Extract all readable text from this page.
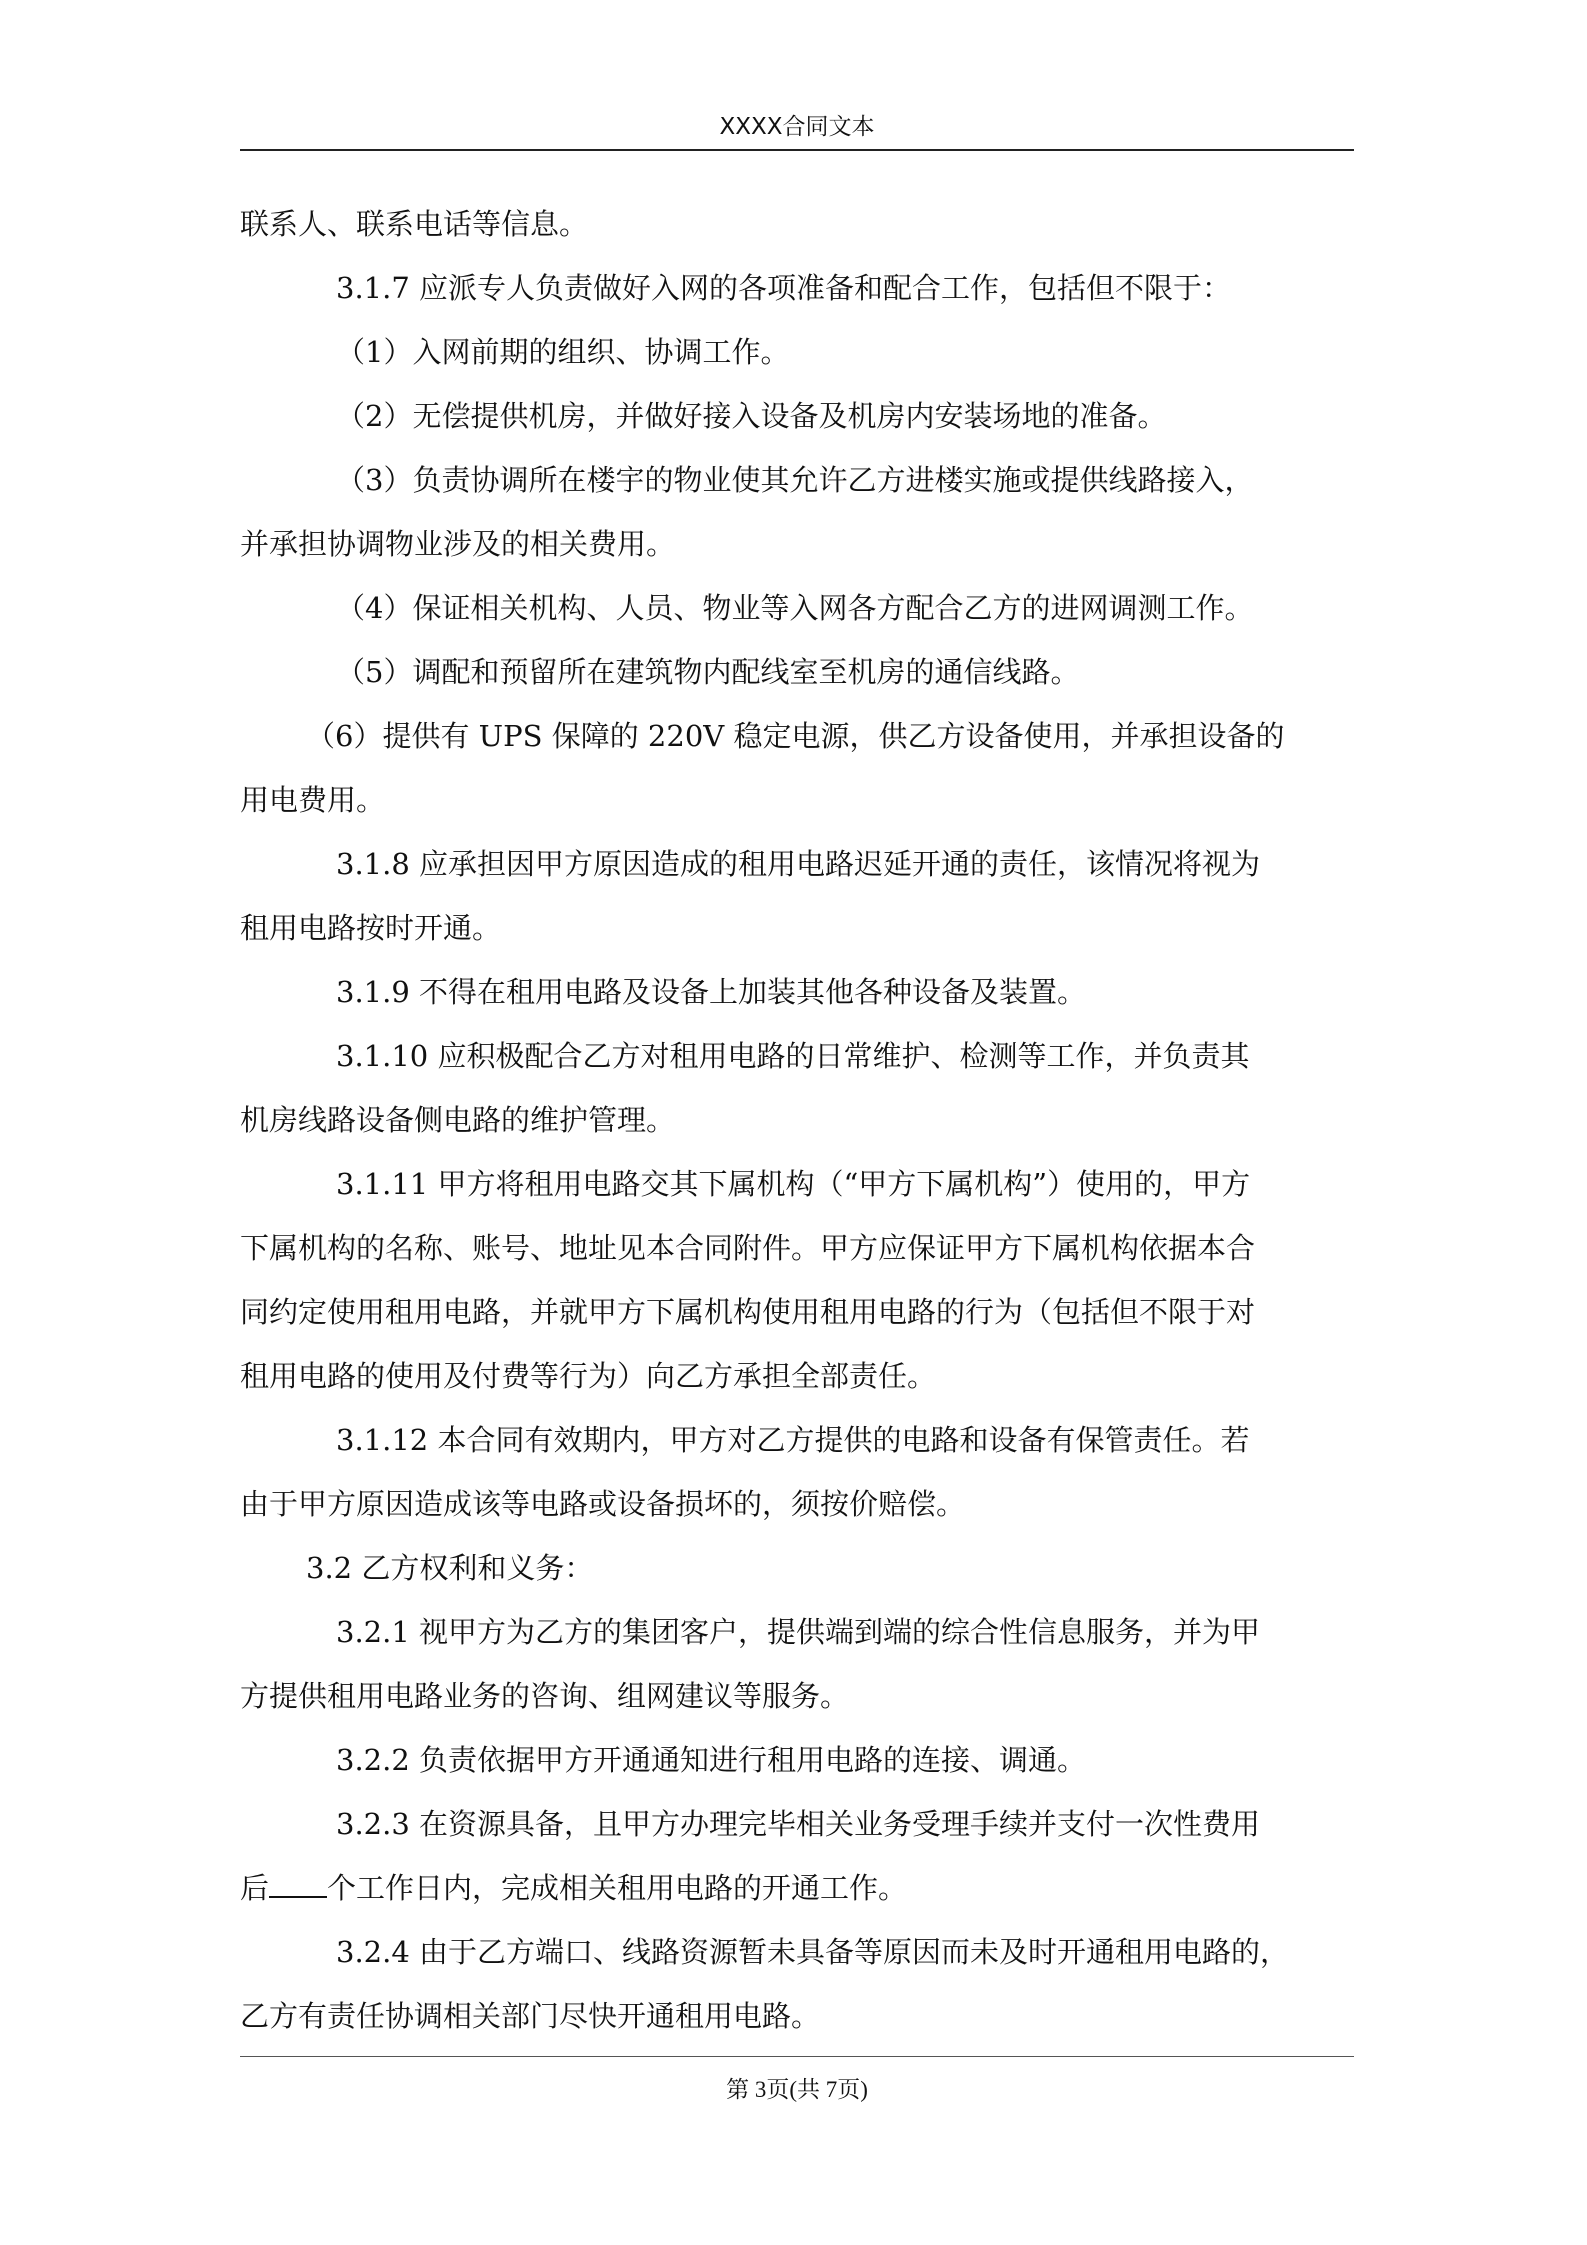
XXXX合同文本

联系人、联系电话等信息。

3.1.7 应派专人负责做好入网的各项准备和配合工作，包括但不限于：

（1）入网前期的组织、协调工作。

（2）无偿提供机房，并做好接入设备及机房内安装场地的准备。

（3）负责协调所在楼宇的物业使其允许乙方进楼实施或提供线路接入，

并承担协调物业涉及的相关费用。

（4）保证相关机构、人员、物业等入网各方配合乙方的进网调测工作。

（5）调配和预留所在建筑物内配线室至机房的通信线路。

（6）提供有 UPS 保障的 220V 稳定电源，供乙方设备使用，并承担设备的

用电费用。

3.1.8 应承担因甲方原因造成的租用电路迟延开通的责任，该情况将视为

租用电路按时开通。

3.1.9 不得在租用电路及设备上加装其他各种设备及装置。

3.1.10 应积极配合乙方对租用电路的日常维护、检测等工作，并负责其

机房线路设备侧电路的维护管理。

3.1.11 甲方将租用电路交其下属机构（“甲方下属机构”）使用的，甲方

下属机构的名称、账号、地址见本合同附件。甲方应保证甲方下属机构依据本合

同约定使用租用电路，并就甲方下属机构使用租用电路的行为（包括但不限于对

租用电路的使用及付费等行为）向乙方承担全部责任。

3.1.12 本合同有效期内，甲方对乙方提供的电路和设备有保管责任。若

由于甲方原因造成该等电路或设备损坏的，须按价赔偿。

3.2 乙方权利和义务：

3.2.1 视甲方为乙方的集团客户，提供端到端的综合性信息服务，并为甲

方提供租用电路业务的咨询、组网建议等服务。

3.2.2 负责依据甲方开通通知进行租用电路的连接、调通。

3.2.3 在资源具备，且甲方办理完毕相关业务受理手续并支付一次性费用

后 个工作日内，完成相关租用电路的开通工作。

3.2.4 由于乙方端口、线路资源暂未具备等原因而未及时开通租用电路的，

乙方有责任协调相关部门尽快开通租用电路。

第 3页(共 7页)
